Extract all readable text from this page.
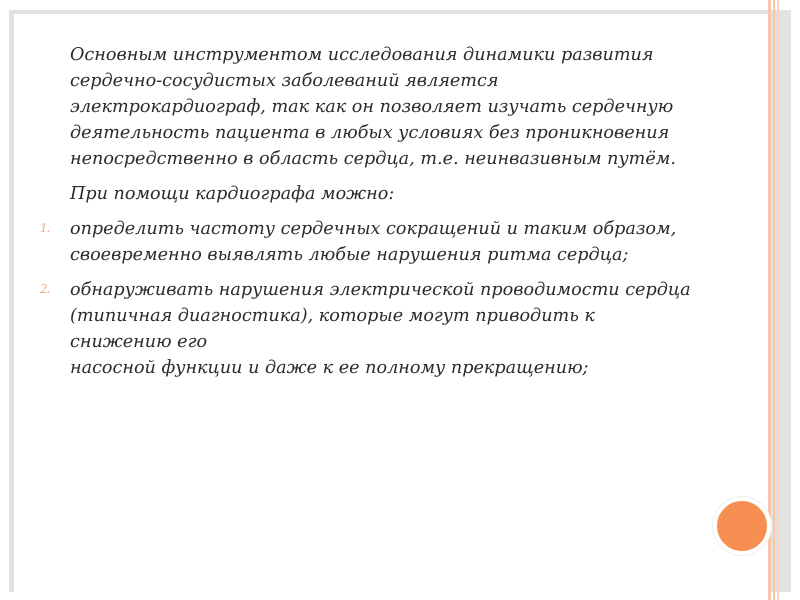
Основным инструментом исследования динамики развития
сердечно-сосудистых заболеваний является
электрокардиограф, так как он позволяет изучать сердечную
деятельность пациента в любых условиях без проникновения
непосредственно в область сердца, т.е. неинвазивным путём.
При помощи кардиографа можно:
1.	определить частоту сердечных сокращений и таким образом,
своевременно выявлять любые нарушения ритма сердца;
2.	обнаруживать нарушения электрической проводимости сердца
(типичная диагностика), которые могут приводить к
снижению его
насосной функции и даже к ее полному прекращению;
